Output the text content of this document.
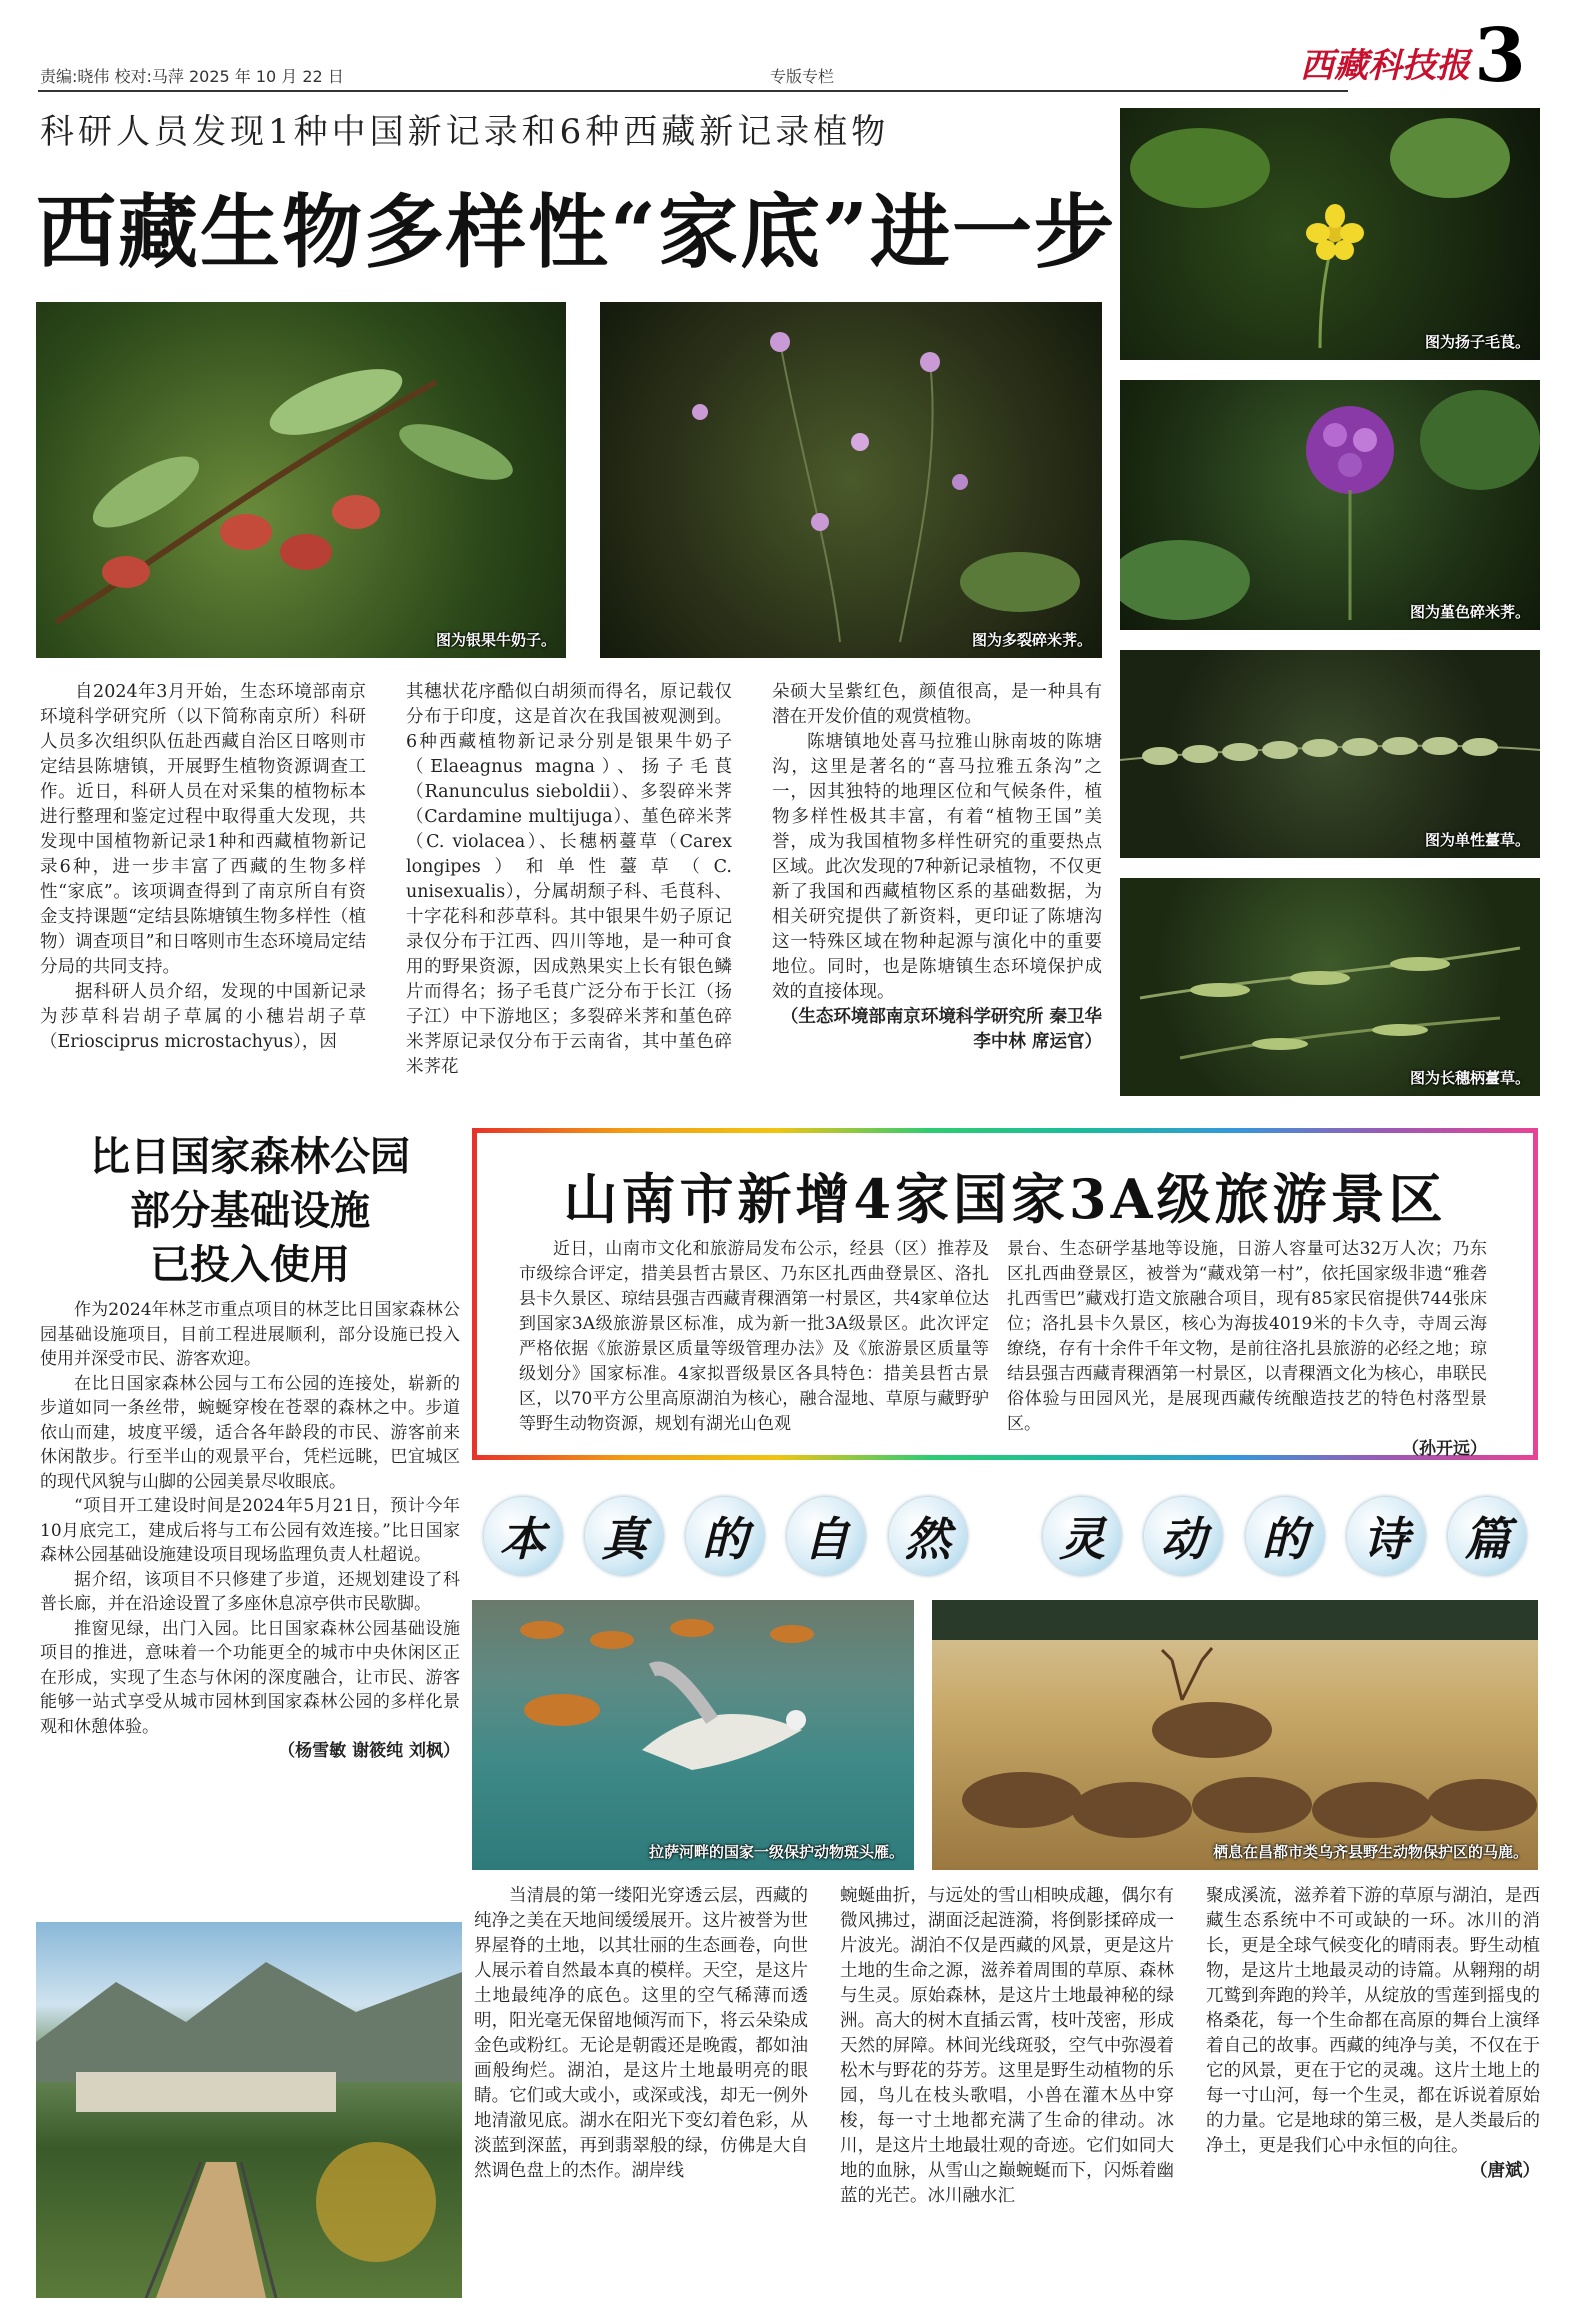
责编:晓伟 校对:马萍 2025 年 10 月 22 日	专版专栏	西藏科技报 3
科研人员发现1种中国新记录和6种西藏新记录植物
西藏生物多样性“家底”进一步
图为银果牛奶子。	图为多裂碎米荠。
图为扬子毛茛。
图为堇色碎米荠。
图为单性薹草。
图为长穗柄薹草。

自2024年3月开始，生态环境部南京环境科学研究所（以下简称南京所）科研人员多次组织队伍赴西藏自治区日喀则市定结县陈塘镇，开展野生植物资源调查工作。近日，科研人员在对采集的植物标本进行整理和鉴定过程中取得重大发现，共发现中国植物新记录1种和西藏植物新记录6种，进一步丰富了西藏的生物多样性“家底”。该项调查得到了南京所自有资金支持课题“定结县陈塘镇生物多样性（植物）调查项目”和日喀则市生态环境局定结分局的共同支持。

据科研人员介绍，发现的中国新记录为莎草科岩胡子草属的小穗岩胡子草（Eriosciprus microstachyus），因

其穗状花序酷似白胡须而得名，原记载仅分布于印度，这是首次在我国被观测到。6种西藏植物新记录分别是银果牛奶子（Elaeagnus magna）、扬子毛茛（Ranunculus sieboldii）、多裂碎米荠（Cardamine multijuga）、堇色碎米荠（C. violacea）、长穗柄薹草（Carex longipes）和单性薹草（C. unisexualis），分属胡颓子科、毛茛科、十字花科和莎草科。其中银果牛奶子原记录仅分布于江西、四川等地，是一种可食用的野果资源，因成熟果实上长有银色鳞片而得名；扬子毛茛广泛分布于长江（扬子江）中下游地区；多裂碎米荠和堇色碎米荠原记录仅分布于云南省，其中堇色碎米荠花

朵硕大呈紫红色，颜值很高，是一种具有潜在开发价值的观赏植物。

陈塘镇地处喜马拉雅山脉南坡的陈塘沟，这里是著名的“喜马拉雅五条沟”之一，因其独特的地理区位和气候条件，植物多样性极其丰富，有着“植物王国”美誉，成为我国植物多样性研究的重要热点区域。此次发现的7种新记录植物，不仅更新了我国和西藏植物区系的基础数据，为相关研究提供了新资料，更印证了陈塘沟这一特殊区域在物种起源与演化中的重要地位。同时，也是陈塘镇生态环境保护成效的直接体现。

（生态环境部南京环境科学研究所 秦卫华 李中林 席运官）
比日国家森林公园
部分基础设施
已投入使用

作为2024年林芝市重点项目的林芝比日国家森林公园基础设施项目，目前工程进展顺利，部分设施已投入使用并深受市民、游客欢迎。

在比日国家森林公园与工布公园的连接处，崭新的步道如同一条丝带，蜿蜒穿梭在苍翠的森林之中。步道依山而建，坡度平缓，适合各年龄段的市民、游客前来休闲散步。行至半山的观景平台，凭栏远眺，巴宜城区的现代风貌与山脚的公园美景尽收眼底。

“项目开工建设时间是2024年5月21日，预计今年10月底完工，建成后将与工布公园有效连接。”比日国家森林公园基础设施建设项目现场监理负责人杜超说。

据介绍，该项目不只修建了步道，还规划建设了科普长廊，并在沿途设置了多座休息凉亭供市民歇脚。

推窗见绿，出门入园。比日国家森林公园基础设施项目的推进，意味着一个功能更全的城市中央休闲区正在形成，实现了生态与休闲的深度融合，让市民、游客能够一站式享受从城市园林到国家森林公园的多样化景观和休憩体验。

（杨雪敏 谢筱纯 刘枫）
山南市新增4家国家3A级旅游景区

近日，山南市文化和旅游局发布公示，经县（区）推荐及市级综合评定，措美县哲古景区、乃东区扎西曲登景区、洛扎县卡久景区、琼结县强吉西藏青稞酒第一村景区，共4家单位达到国家3A级旅游景区标准，成为新一批3A级景区。此次评定严格依据《旅游景区质量等级管理办法》及《旅游景区质量等级划分》国家标准。4家拟晋级景区各具特色：措美县哲古景区，以70平方公里高原湖泊为核心，融合湿地、草原与藏野驴等野生动物资源，规划有湖光山色观

景台、生态研学基地等设施，日游人容量可达32万人次；乃东区扎西曲登景区，被誉为“藏戏第一村”，依托国家级非遗“雅砻扎西雪巴”藏戏打造文旅融合项目，现有85家民宿提供744张床位；洛扎县卡久景区，核心为海拔4019米的卡久寺，寺周云海缭绕，存有十余件千年文物，是前往洛扎县旅游的必经之地；琼结县强吉西藏青稞酒第一村景区，以青稞酒文化为核心，串联民俗体验与田园风光，是展现西藏传统酿造技艺的特色村落型景区。

（孙开远）
本	真	的	自	然	灵	动	的	诗	篇
拉萨河畔的国家一级保护动物斑头雁。	栖息在昌都市类乌齐县野生动物保护区的马鹿。

当清晨的第一缕阳光穿透云层，西藏的纯净之美在天地间缓缓展开。这片被誉为世界屋脊的土地，以其壮丽的生态画卷，向世人展示着自然最本真的模样。天空，是这片土地最纯净的底色。这里的空气稀薄而透明，阳光毫无保留地倾泻而下，将云朵染成金色或粉红。无论是朝霞还是晚霞，都如油画般绚烂。湖泊，是这片土地最明亮的眼睛。它们或大或小，或深或浅，却无一例外地清澈见底。湖水在阳光下变幻着色彩，从淡蓝到深蓝，再到翡翠般的绿，仿佛是大自然调色盘上的杰作。湖岸线

蜿蜒曲折，与远处的雪山相映成趣，偶尔有微风拂过，湖面泛起涟漪，将倒影揉碎成一片波光。湖泊不仅是西藏的风景，更是这片土地的生命之源，滋养着周围的草原、森林与生灵。原始森林，是这片土地最神秘的绿洲。高大的树木直插云霄，枝叶茂密，形成天然的屏障。林间光线斑驳，空气中弥漫着松木与野花的芬芳。这里是野生动植物的乐园，鸟儿在枝头歌唱，小兽在灌木丛中穿梭，每一寸土地都充满了生命的律动。冰川，是这片土地最壮观的奇迹。它们如同大地的血脉，从雪山之巅蜿蜒而下，闪烁着幽蓝的光芒。冰川融水汇

聚成溪流，滋养着下游的草原与湖泊，是西藏生态系统中不可或缺的一环。冰川的消长，更是全球气候变化的晴雨表。野生动植物，是这片土地最灵动的诗篇。从翱翔的胡兀鹫到奔跑的羚羊，从绽放的雪莲到摇曳的格桑花，每一个生命都在高原的舞台上演绎着自己的故事。西藏的纯净与美，不仅在于它的风景，更在于它的灵魂。这片土地上的每一寸山河，每一个生灵，都在诉说着原始的力量。它是地球的第三极，是人类最后的净土，更是我们心中永恒的向往。

（唐斌）
